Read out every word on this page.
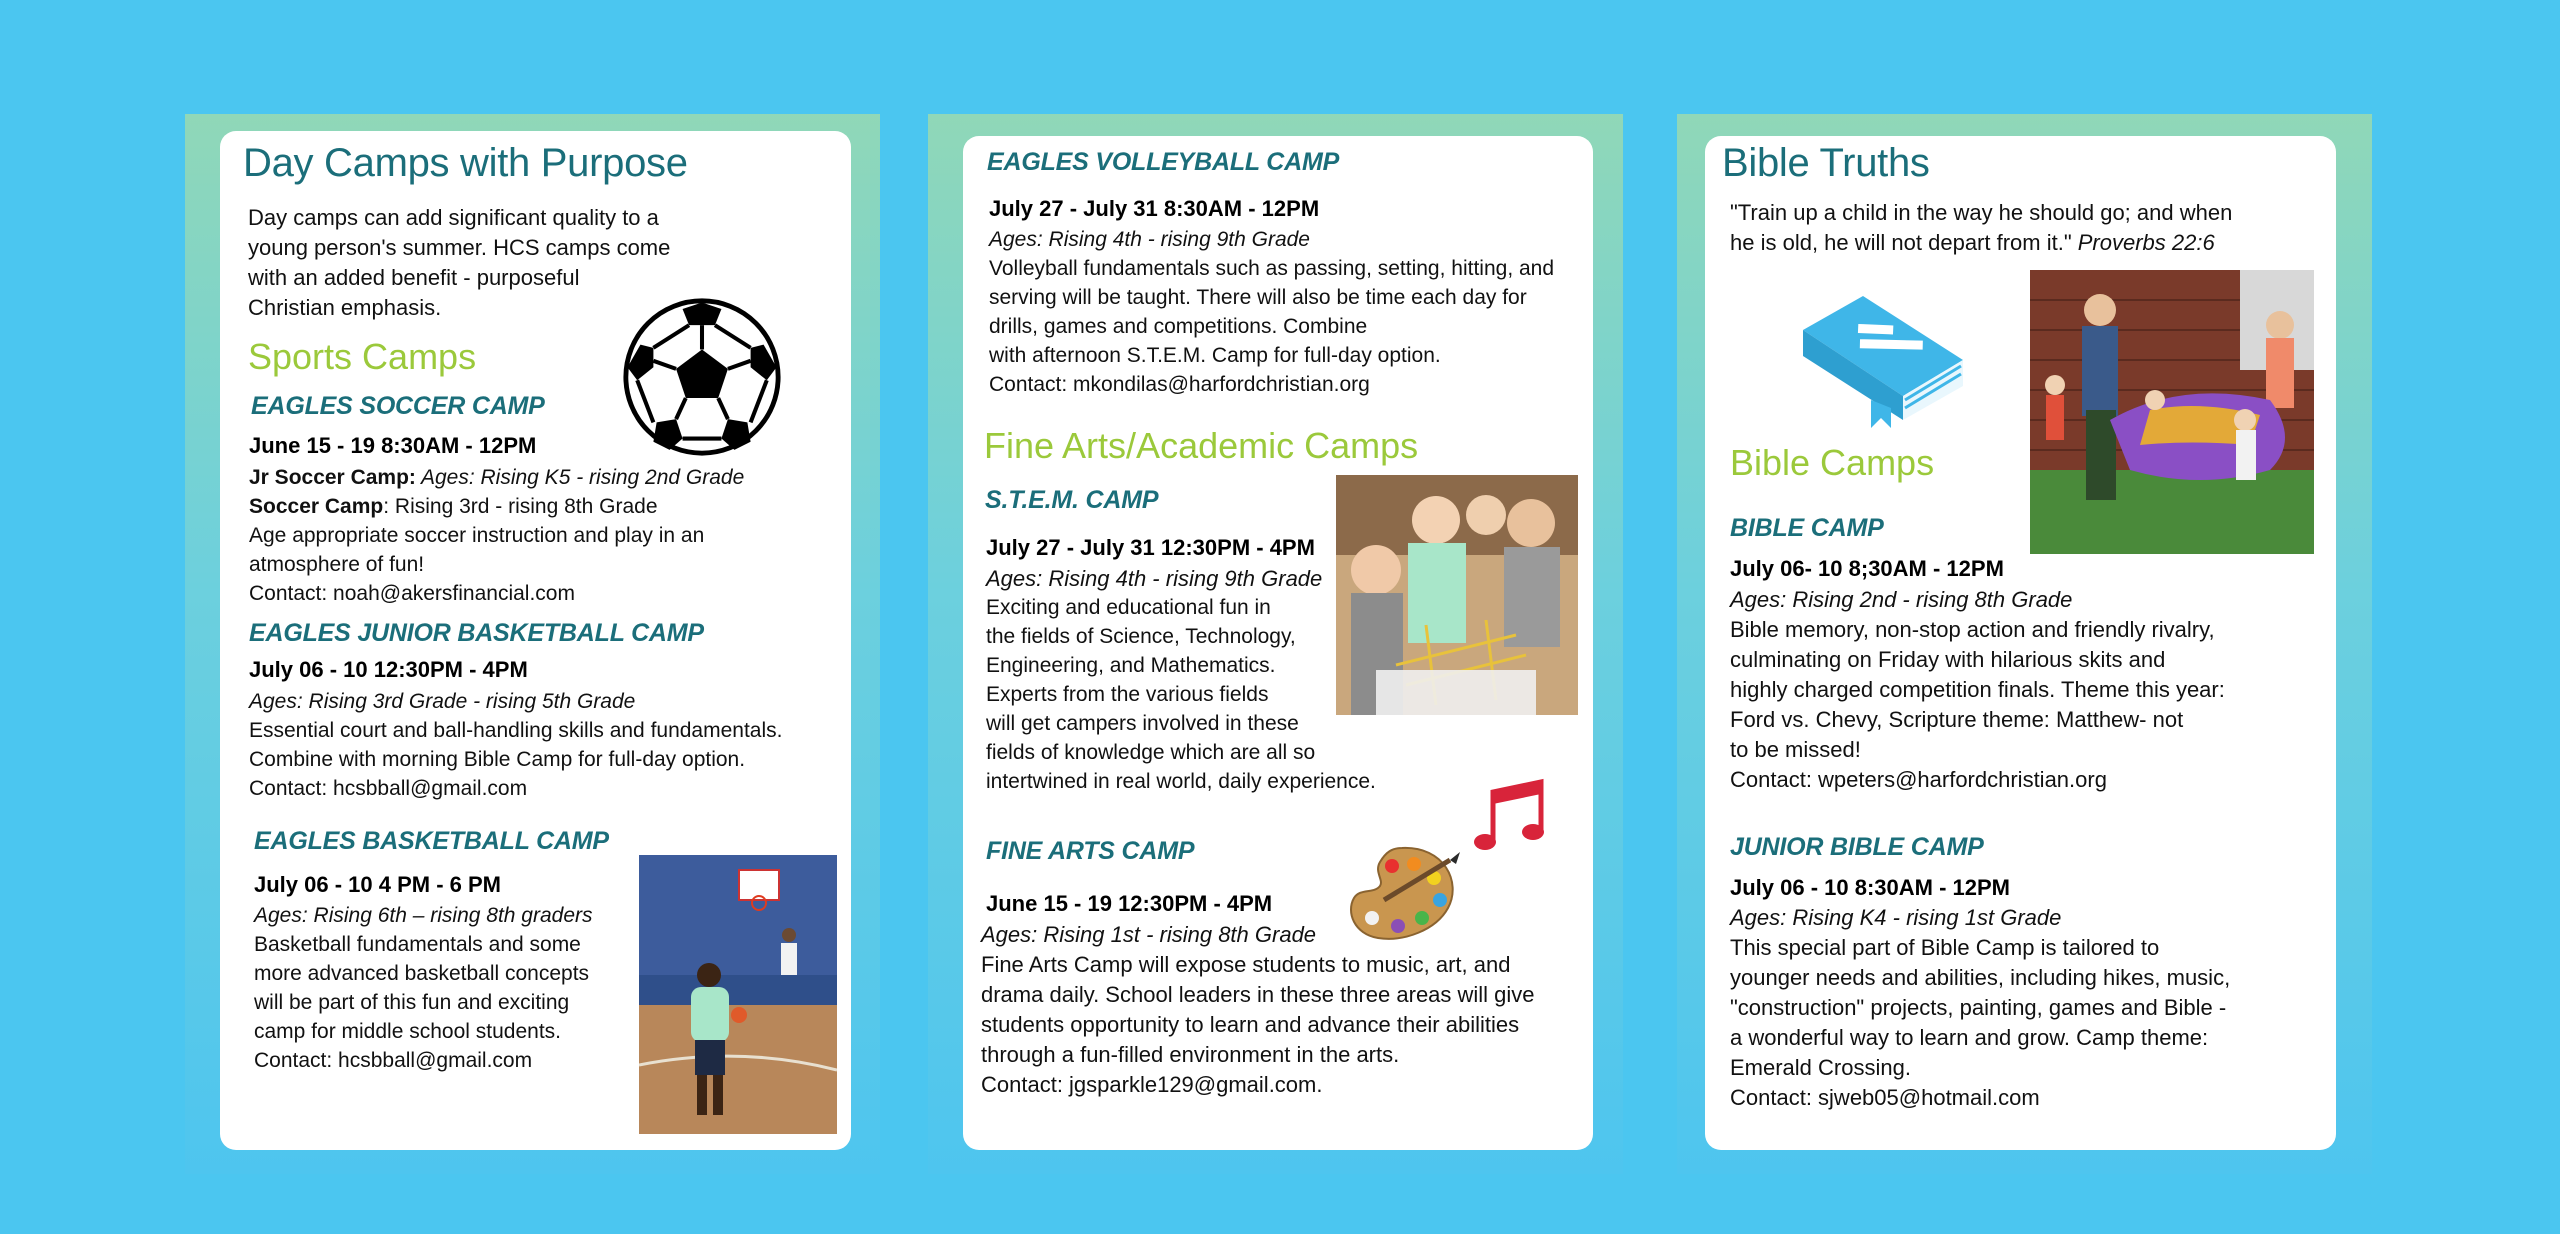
Day Camps with Purpose
Day camps can add significant quality to a
young person's summer. HCS camps come
with an added benefit - purposeful
Christian emphasis.
Sports Camps
EAGLES SOCCER CAMP
June 15 - 19 8:30AM - 12PM
Jr Soccer Camp: Ages: Rising K5 - rising 2nd Grade
Soccer Camp: Rising 3rd - rising 8th Grade
Age appropriate soccer instruction and play in an
atmosphere of fun!
Contact: noah@akersfinancial.com
EAGLES JUNIOR BASKETBALL CAMP
July 06 - 10 12:30PM - 4PM
Ages: Rising 3rd Grade - rising 5th Grade
Essential court and ball-handling skills and fundamentals.
Combine with morning Bible Camp for full-day option.
Contact: hcsbball@gmail.com
EAGLES BASKETBALL CAMP
July 06 - 10 4 PM - 6 PM
Ages: Rising 6th – rising 8th graders
Basketball fundamentals and some
more advanced basketball concepts
will be part of this fun and exciting
camp for middle school students.
Contact: hcsbball@gmail.com
EAGLES VOLLEYBALL CAMP
July 27 - July 31 8:30AM - 12PM
Ages: Rising 4th - rising 9th Grade
Volleyball fundamentals such as passing, setting, hitting, and
serving will be taught. There will also be time each day for
drills, games and competitions. Combine
with afternoon S.T.E.M. Camp for full-day option.
Contact: mkondilas@harfordchristian.org
Fine Arts/Academic Camps
S.T.E.M. CAMP
July 27 - July 31 12:30PM - 4PM
Ages: Rising 4th - rising 9th Grade
Exciting and educational fun in
the fields of Science, Technology,
Engineering, and Mathematics.
Experts from the various fields
will get campers involved in these
fields of knowledge which are all so
intertwined in real world, daily experience.
FINE ARTS CAMP
June 15 - 19 12:30PM - 4PM
Ages: Rising 1st - rising 8th Grade
Fine Arts Camp will expose students to music, art, and
drama daily. School leaders in these three areas will give
students opportunity to learn and advance their abilities
through a fun-filled environment in the arts.
Contact: jgsparkle129@gmail.com.
Bible Truths
"Train up a child in the way he should go; and when
he is old, he will not depart from it." Proverbs 22:6
Bible Camps
BIBLE CAMP
July 06- 10 8;30AM - 12PM
Ages: Rising 2nd - rising 8th Grade
Bible memory, non-stop action and friendly rivalry,
culminating on Friday with hilarious skits and
highly charged competition finals. Theme this year:
Ford vs. Chevy, Scripture theme: Matthew- not
to be missed!
Contact: wpeters@harfordchristian.org
JUNIOR BIBLE CAMP
July 06 - 10 8:30AM - 12PM
Ages: Rising K4 - rising 1st Grade
This special part of Bible Camp is tailored to
younger needs and abilities, including hikes, music,
"construction" projects, painting, games and Bible -
a wonderful way to learn and grow. Camp theme:
Emerald Crossing.
Contact: sjweb05@hotmail.com
